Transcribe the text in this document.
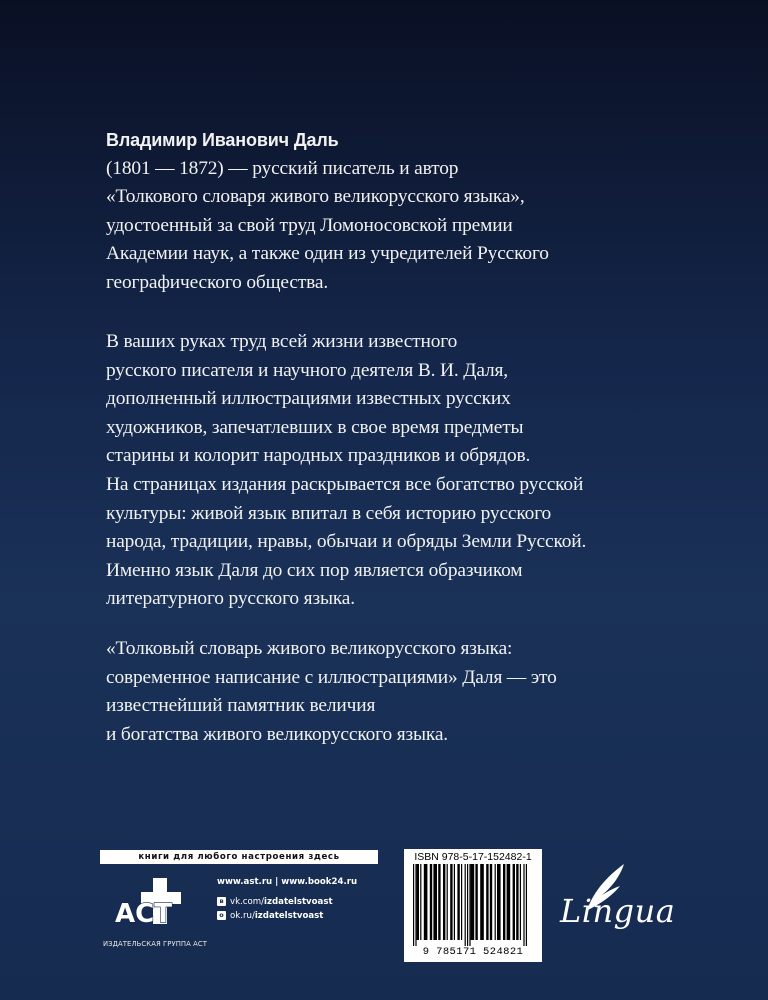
Владимир Иванович Даль
(1801 — 1872) — русский писатель и автор
«Толкового словаря живого великорусского языка»,
удостоенный за свой труд Ломоносовской премии
Академии наук, а также один из учредителей Русского
географического общества.
В ваших руках труд всей жизни известного
русского писателя и научного деятеля В. И. Даля,
дополненный иллюстрациями известных русских
художников, запечатлевших в свое время предметы
старины и колорит народных праздников и обрядов.
На страницах издания раскрывается все богатство русской
культуры: живой язык впитал в себя историю русского
народа, традиции, нравы, обычаи и обряды Земли Русской.
Именно язык Даля до сих пор является образчиком
литературного русского языка.
«Толковый словарь живого великорусского языка:
современное написание с иллюстрациями» Даля — это
известнейший памятник величия
и богатства живого великорусского языка.
книги для любого настроения здесь
АСТ
ИЗДАТЕЛЬСКАЯ ГРУППА АСТ
www.ast.ru | www.book24.ru
в vk.com/izdatelstvoast
о ok.ru/izdatelstvoast
ISBN 978-5-17-152482-1
9 785171 524821
Lingua
